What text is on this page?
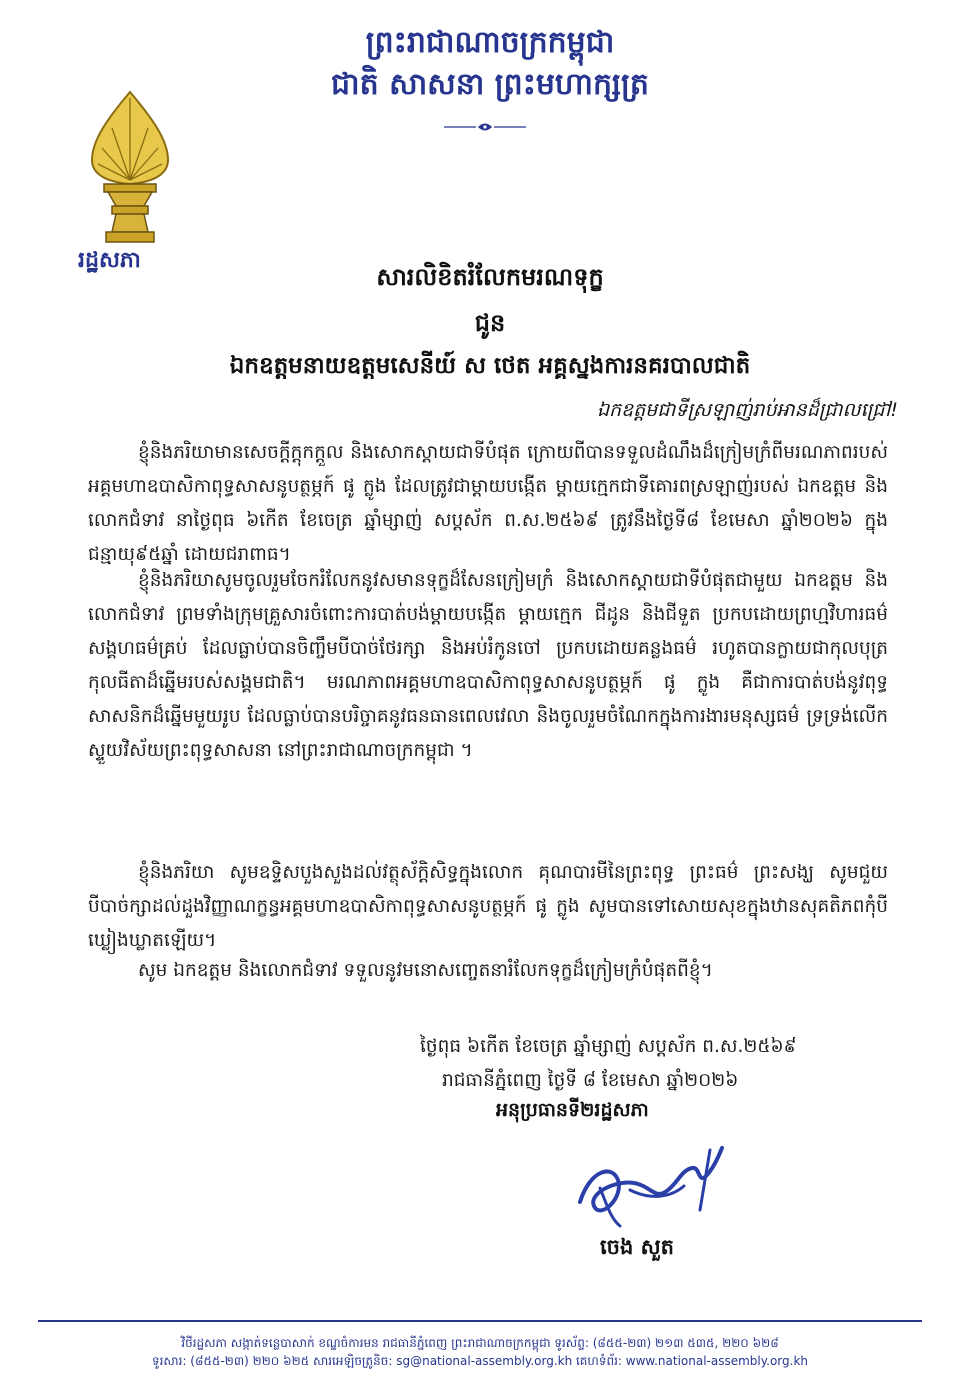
ព្រះរាជាណាចក្រកម្ពុជា
ជាតិ សាសនា ព្រះមហាក្សត្រ
រដ្ឋសភា
សារលិខិតរំលែកមរណទុក្ខ
ជូន
ឯកឧត្តមនាយឧត្តមសេនីយ៍ ស ថេត អគ្គស្នងការនគរបាលជាតិ
ឯកឧត្តមជាទីស្រឡាញ់រាប់អានដ៏ជ្រាលជ្រៅ!
ខ្ញុំនិងភរិយាមានសេចក្តីក្តុកក្តួល និងសោកស្តាយជាទីបំផុត ក្រោយពីបានទទួលដំណឹងដ៏ក្រៀមក្រំពីមរណភាពរបស់អគ្គមហាឧបាសិកាពុទ្ធសាសនូបត្ថម្ភក៍ ផូ ក្លូង ដែលត្រូវជាម្តាយបង្កើត ម្តាយក្មេកជាទីគោរពស្រឡាញ់របស់ ឯកឧត្តម និងលោកជំទាវ នាថ្ងៃពុធ ៦កេីត ខែចេត្រ ឆ្នាំម្សាញ់ សប្តស័ក ព.ស.២៥៦៩ ត្រូវនឹងថ្ងៃទី៨ ខែមេសា ឆ្នាំ២០២៦ ក្នុងជន្មាយុ៩៥ឆ្នាំ ដោយជរាពាធ។
ខ្ញុំនិងភរិយាសូមចូលរួមចែករំលែកនូវសមានទុក្ខដ៏សែនក្រៀមក្រំ និងសោកស្តាយជាទីបំផុតជាមួយ ឯកឧត្តម និងលោកជំទាវ ព្រមទាំងក្រុមគ្រួសារចំពោះការបាត់បង់ម្តាយបង្កើត ម្តាយក្មេក ជីដូន និងជីទួត ប្រកបដោយព្រហ្មវិហារធម៌ សង្គហធម៌គ្រប់ ដែលធ្លាប់បានចិញ្ចឹមបីបាច់ថែរក្សា និងអប់រំកូនចៅ ប្រកបដោយគន្លងធម៌ រហូតបានក្លាយជាកុលបុត្រ កុលធីតាដ៏ឆ្នើមរបស់សង្គមជាតិ។ មរណភាពអគ្គមហាឧបាសិកាពុទ្ធសាសនូបត្ថម្ភក៍ ផូ ក្លូង គឺជាការបាត់បង់នូវពុទ្ធសាសនិកដ៏ឆ្នើមមួយរូប ដែលធ្លាប់បានបរិច្ចាគនូវធនធានពេលវេលា និងចូលរួមចំណែកក្នុងការងារមនុស្សធម៌ ទ្រទ្រង់លើកស្ទួយវិស័យព្រះពុទ្ធសាសនា នៅព្រះរាជាណាចក្រកម្ពុជា ។
ខ្ញុំនិងភរិយា សូមឧទ្ទិសបួងសួងដល់វត្ថុស័ក្តិសិទ្ធក្នុងលោក គុណបារមីនៃព្រះពុទ្ធ ព្រះធម៌ ព្រះសង្ឃ សូមជួយបីបាច់ក្សាដល់ដួងវិញ្ញាណក្ខន្ធអគ្គមហាឧបាសិកាពុទ្ធសាសនូបត្ថម្ភក៍ ផូ ក្លូង សូមបានទៅសោយសុខក្នុងឋានសុគតិភពកុំបីឃ្លៀងឃ្លាតឡើយ។
សូម ឯកឧត្តម និងលោកជំទាវ ទទួលនូវមនោសញ្ចេតនារំលែកទុក្ខដ៏ក្រៀមក្រំបំផុតពីខ្ញុំ។
ថ្ងៃពុធ ៦កេីត ខែចេត្រ ឆ្នាំម្សាញ់ សប្តស័ក ព.ស.២៥៦៩
រាជធានីភ្នំពេញ ថ្ងៃទី ៨ ខែមេសា ឆ្នាំ២០២៦
អនុប្រធានទី២រដ្ឋសភា
ចេង សួត
វិថីរដ្ឋសភា សង្កាត់ទន្លេបាសាក់ ខណ្ឌចំការមន រាជធានីភ្នំពេញ ព្រះរាជាណាចក្រកម្ពុជា ទូរស័ព្ទ: (៨៥៥-២៣) ២១៣ ៥៣៥, ២២០ ៦២៨
ទូរសារ: (៨៥៥-២៣) ២២០ ៦២៥ សារអេឡិចត្រូនិច: sg@national-assembly.org.kh គេហទំព័រ: www.national-assembly.org.kh
